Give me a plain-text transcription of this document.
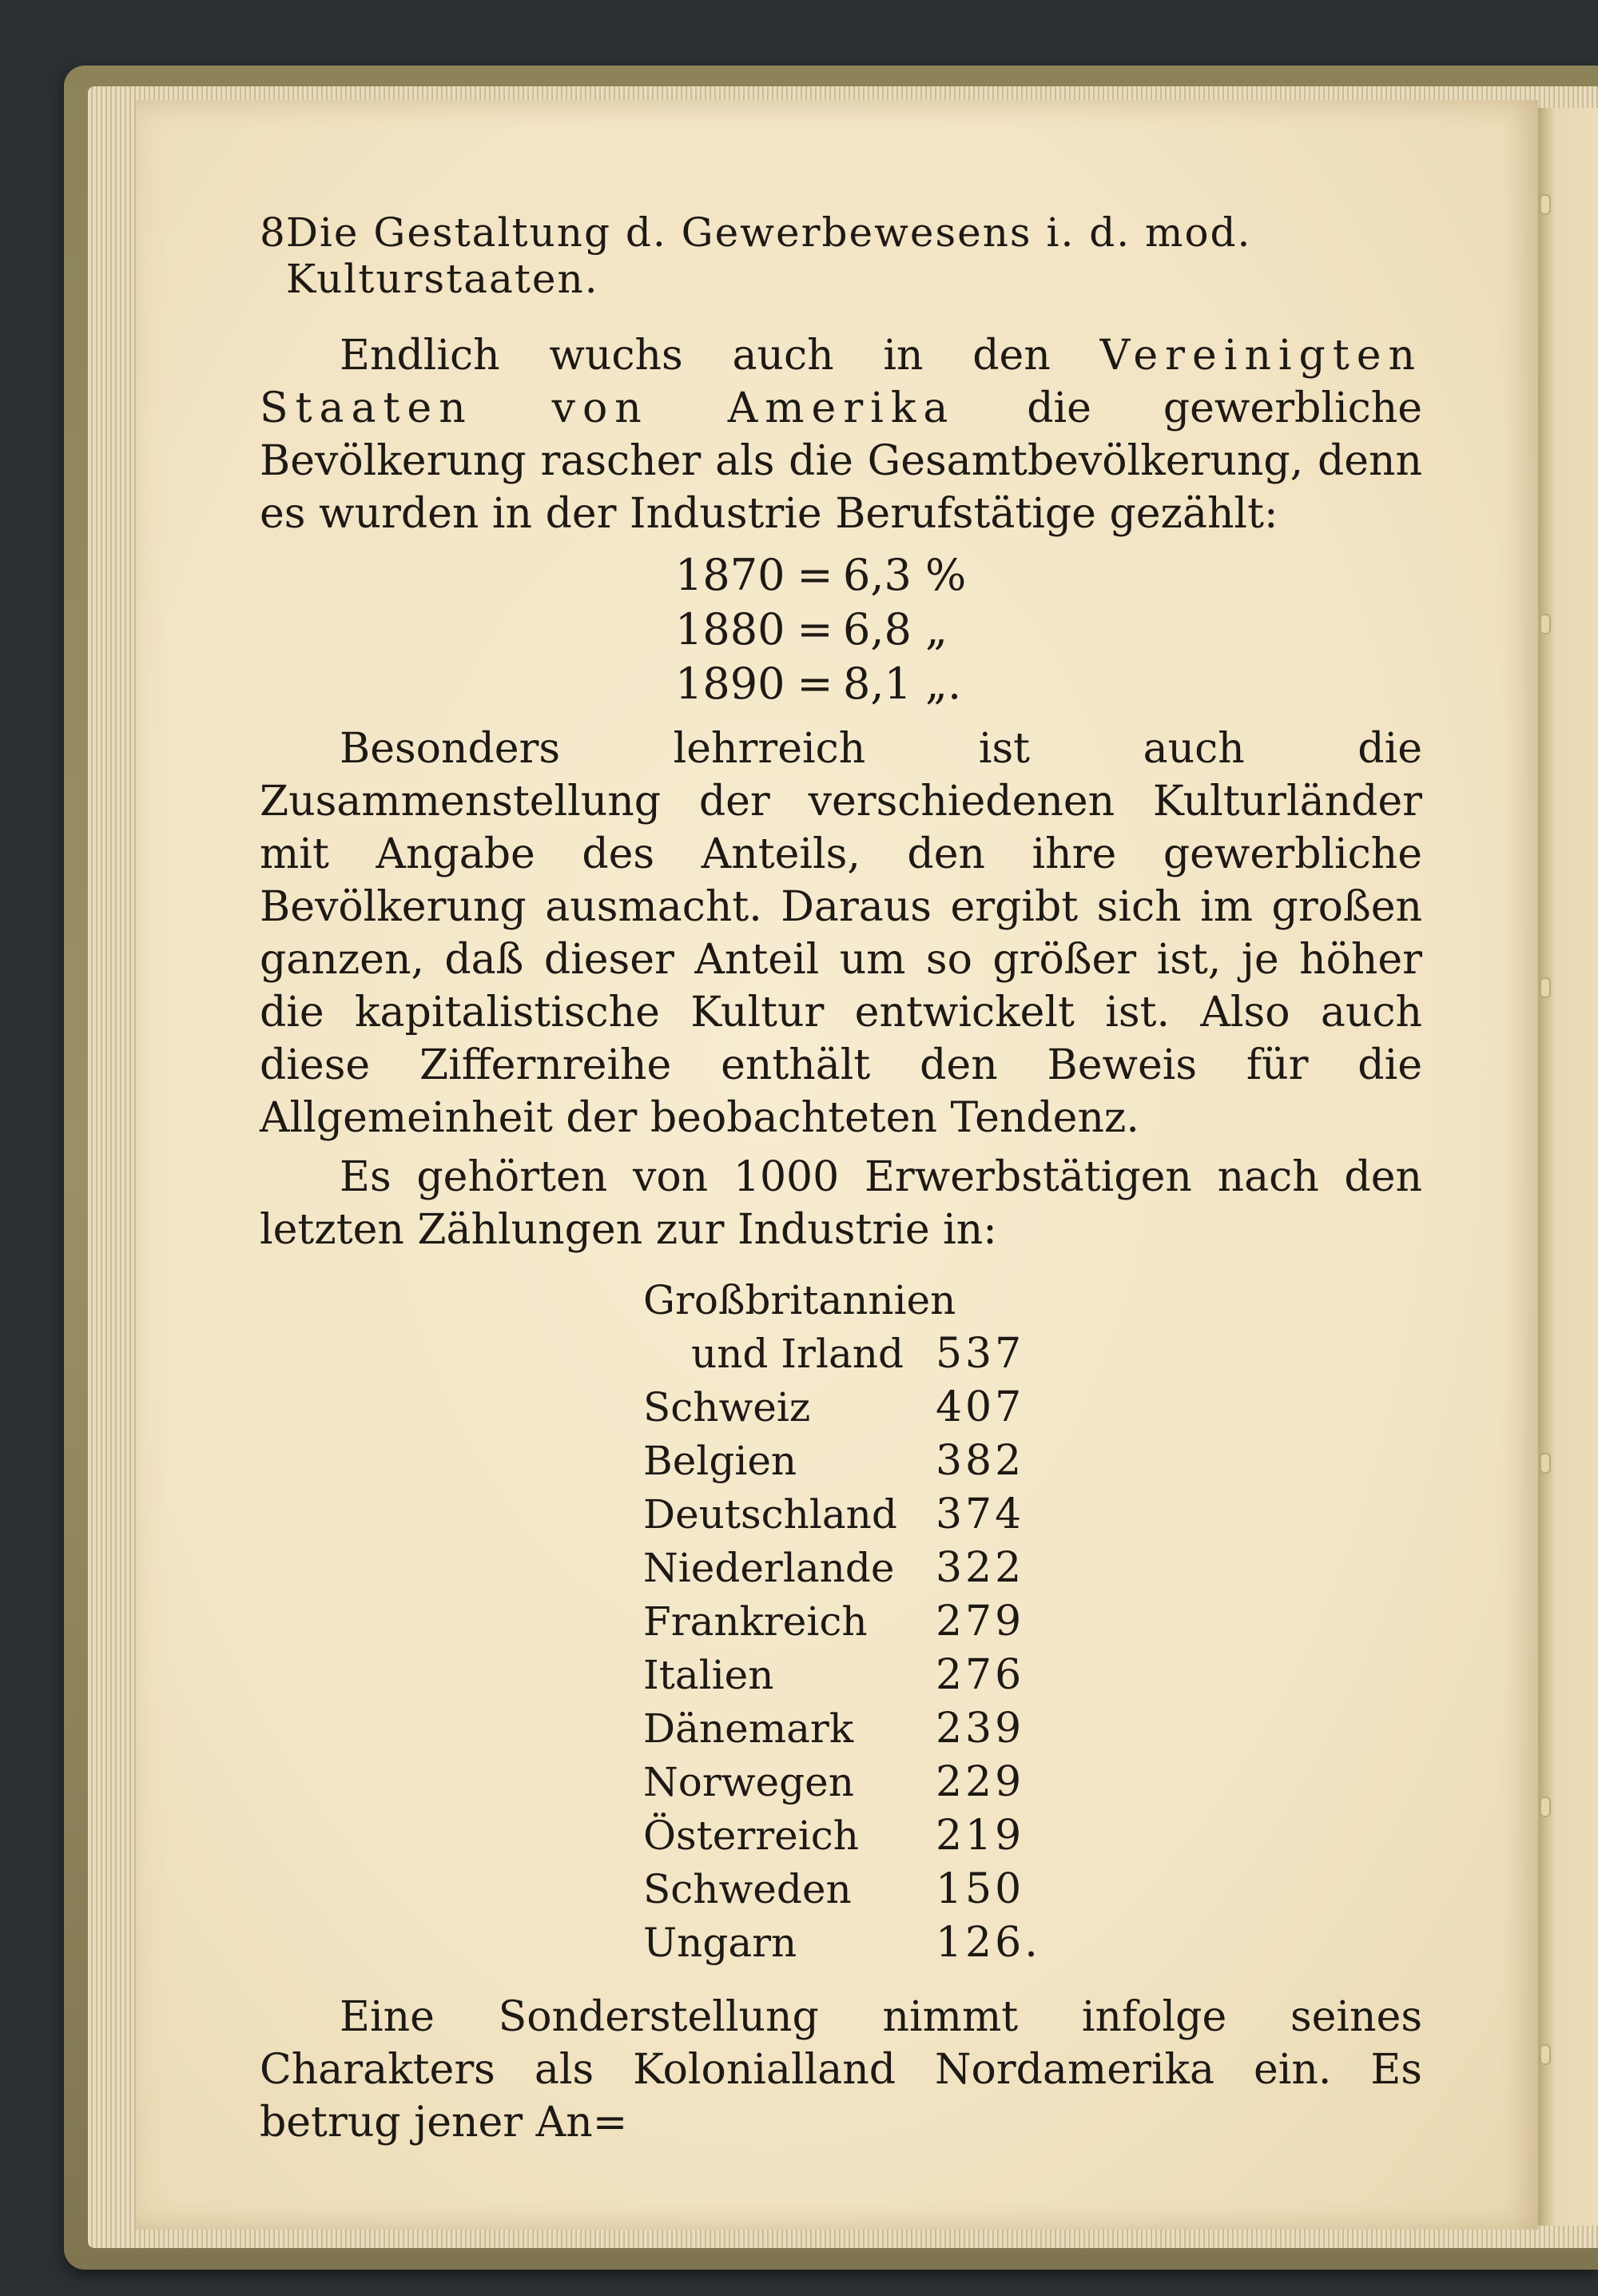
8 Die Gestaltung d. Gewerbewesens i. d. mod. Kulturstaaten.

Endlich wuchs auch in den Vereinigten Staaten von Amerika die gewerbliche Bevölkerung rascher als die Gesamtbevölkerung, denn es wurden in der Industrie Berufstätige gezählt:

1870 = 6,3 %
1880 = 6,8 „
1890 = 8,1 „.

Besonders lehrreich ist auch die Zusammenstellung der verschiedenen Kulturländer mit Angabe des Anteils, den ihre gewerbliche Bevölkerung ausmacht. Daraus ergibt sich im großen ganzen, daß dieser Anteil um so größer ist, je höher die kapitalistische Kultur entwickelt ist. Also auch diese Ziffernreihe enthält den Beweis für die Allgemeinheit der beobachteten Tendenz.

Es gehörten von 1000 Erwerbstätigen nach den letzten Zählungen zur Industrie in:

Großbritannien	
und Irland	537
Schweiz	407
Belgien	382
Deutschland	374
Niederlande	322
Frankreich	279
Italien	276
Dänemark	239
Norwegen	229
Österreich	219
Schweden	150
Ungarn	126.

Eine Sonderstellung nimmt infolge seines Charakters als Kolonialland Nordamerika ein. Es betrug jener An=
